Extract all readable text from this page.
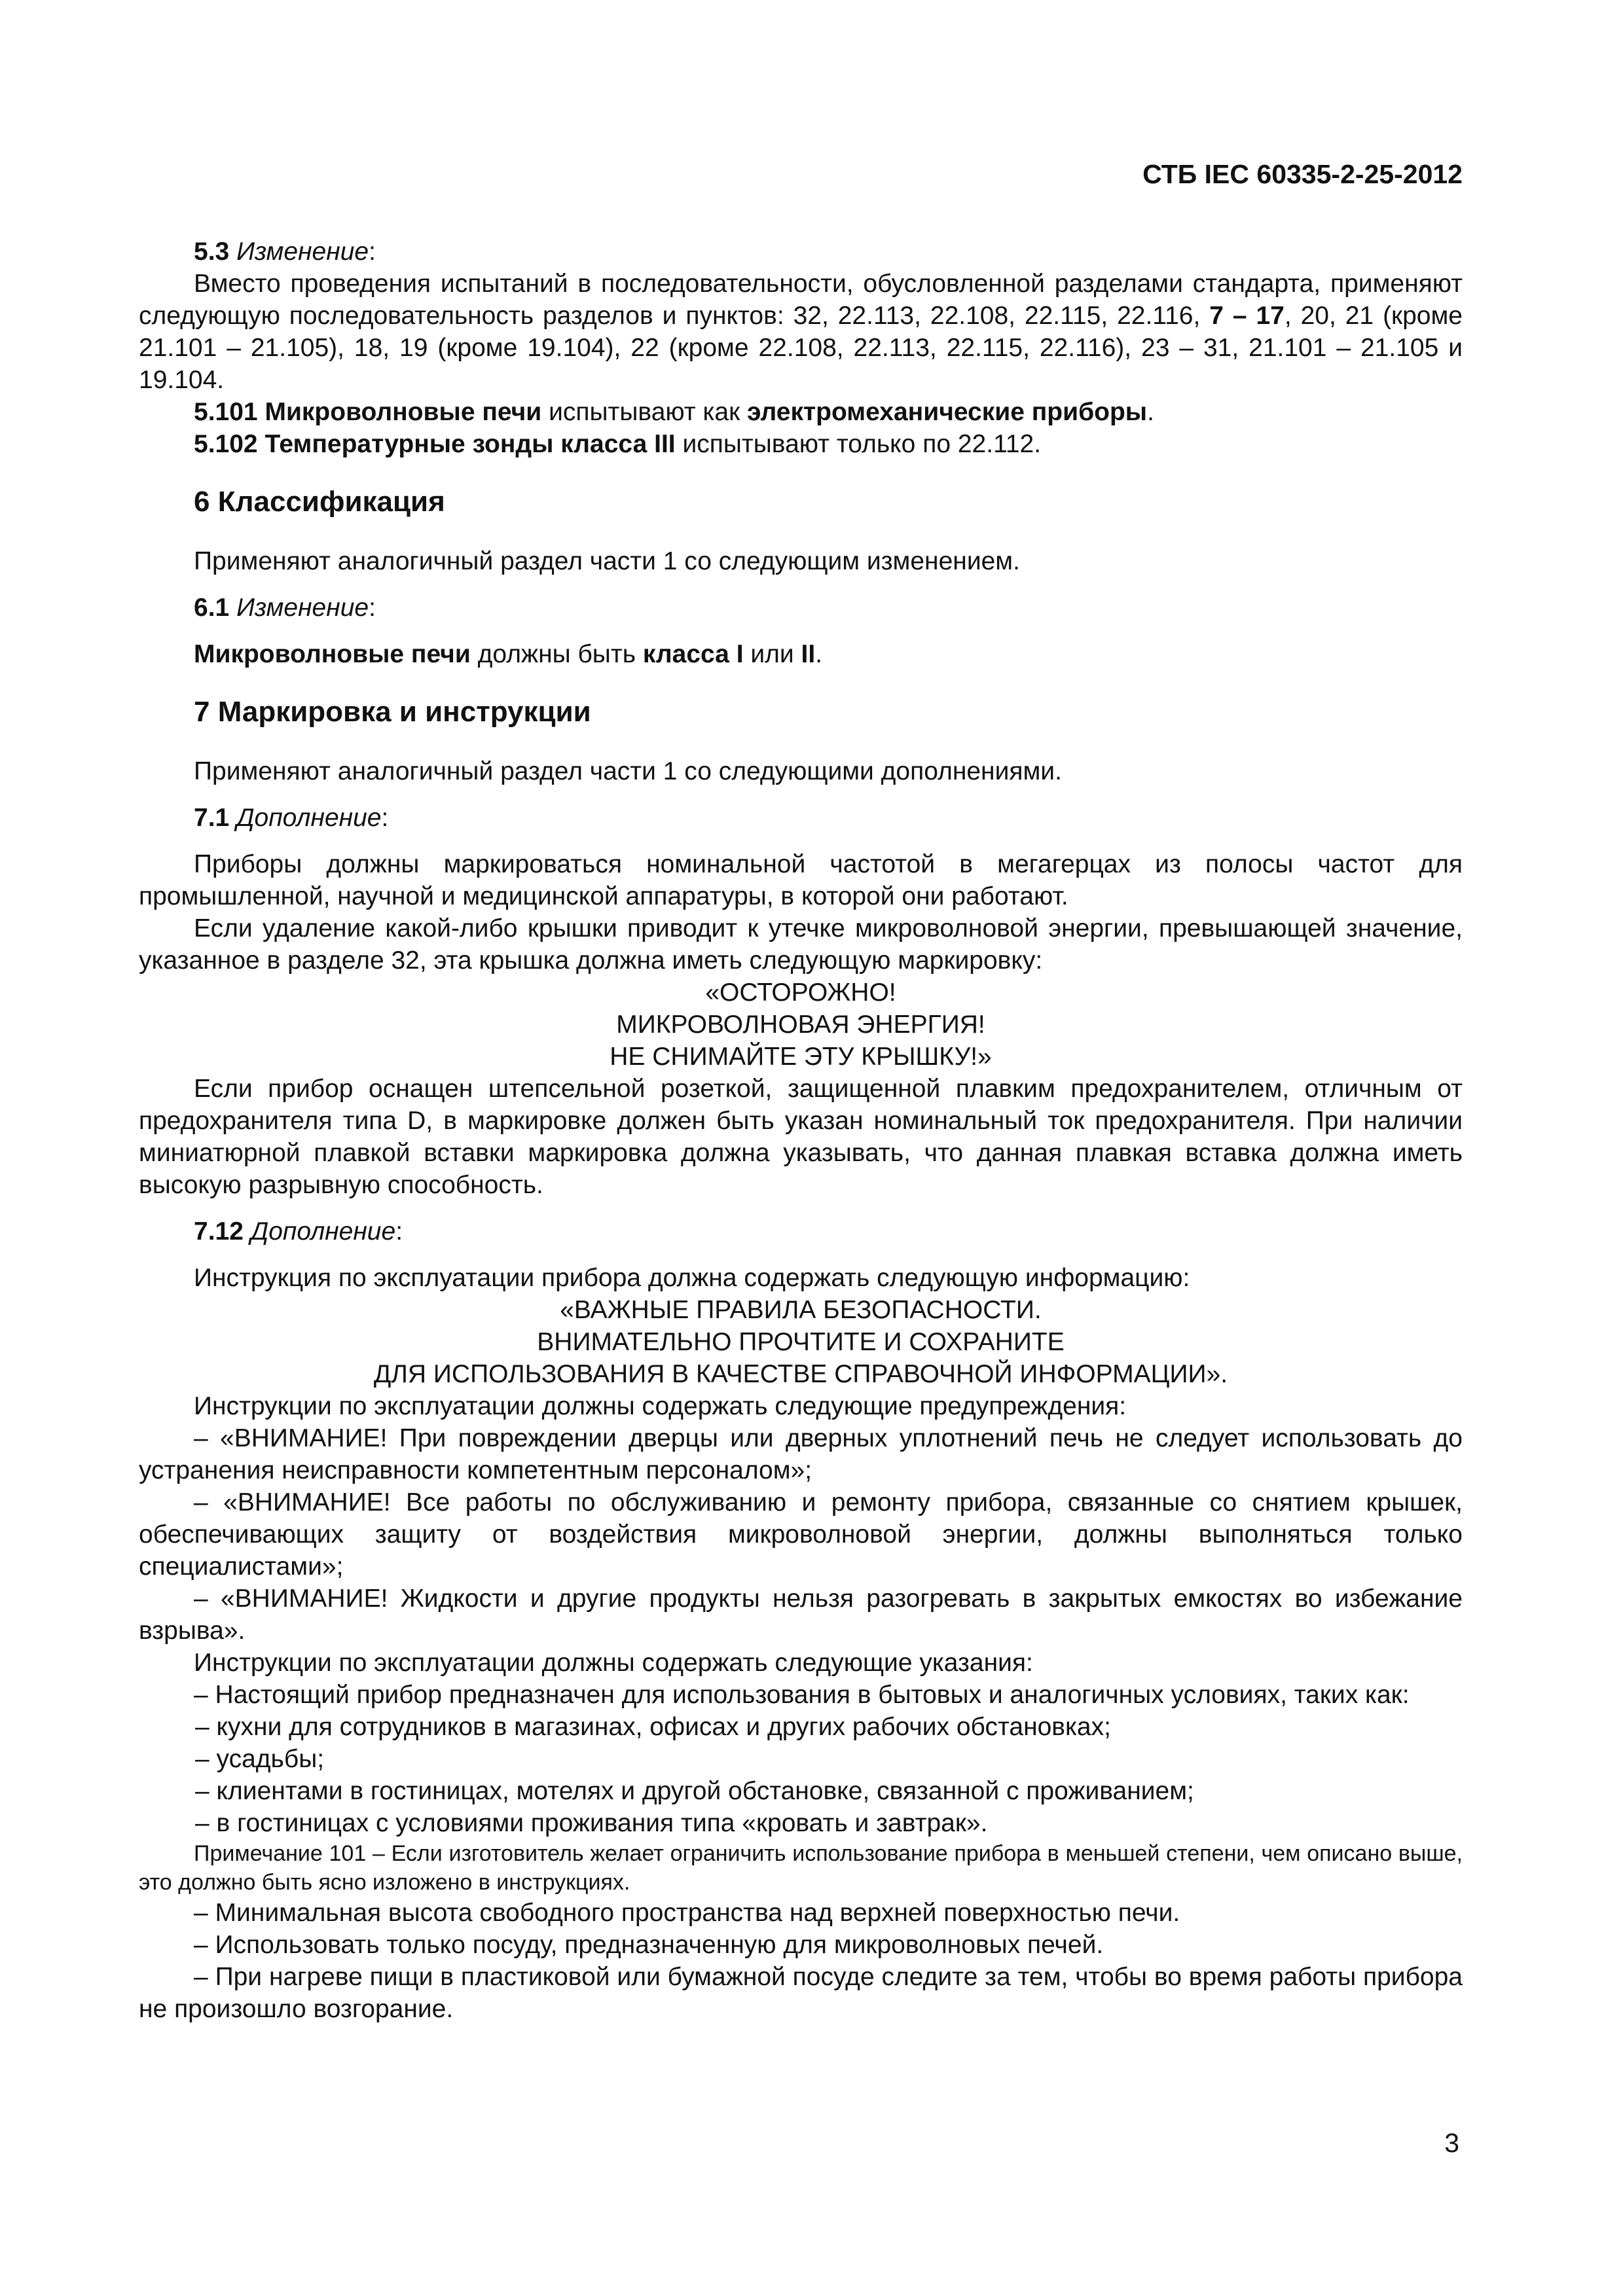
СТБ IEC 60335-2-25-2012

5.3 Изменение:

Вместо проведения испытаний в последовательности, обусловленной разделами стандарта, применяют следующую последовательность разделов и пунктов: 32, 22.113, 22.108, 22.115, 22.116, 7 – 17, 20, 21 (кроме 21.101 – 21.105), 18, 19 (кроме 19.104), 22 (кроме 22.108, 22.113, 22.115, 22.116), 23 – 31, 21.101 – 21.105 и 19.104.

5.101 Микроволновые печи испытывают как электромеханические приборы.

5.102 Температурные зонды класса III испытывают только по 22.112.

6 Классификация

Применяют аналогичный раздел части 1 со следующим изменением.

6.1 Изменение:

Микроволновые печи должны быть класса I или II.

7 Маркировка и инструкции

Применяют аналогичный раздел части 1 со следующими дополнениями.

7.1 Дополнение:

Приборы должны маркироваться номинальной частотой в мегагерцах из полосы частот для промышленной, научной и медицинской аппаратуры, в которой они работают.

Если удаление какой-либо крышки приводит к утечке микроволновой энергии, превышающей значение, указанное в разделе 32, эта крышка должна иметь следующую маркировку:

«ОСТОРОЖНО!

МИКРОВОЛНОВАЯ ЭНЕРГИЯ!

НЕ СНИМАЙТЕ ЭТУ КРЫШКУ!»

Если прибор оснащен штепсельной розеткой, защищенной плавким предохранителем, отличным от предохранителя типа D, в маркировке должен быть указан номинальный ток предохранителя. При наличии миниатюрной плавкой вставки маркировка должна указывать, что данная плавкая вставка должна иметь высокую разрывную способность.

7.12 Дополнение:

Инструкция по эксплуатации прибора должна содержать следующую информацию:

«ВАЖНЫЕ ПРАВИЛА БЕЗОПАСНОСТИ.

ВНИМАТЕЛЬНО ПРОЧТИТЕ И СОХРАНИТЕ

ДЛЯ ИСПОЛЬЗОВАНИЯ В КАЧЕСТВЕ СПРАВОЧНОЙ ИНФОРМАЦИИ».

Инструкции по эксплуатации должны содержать следующие предупреждения:

– «ВНИМАНИЕ! При повреждении дверцы или дверных уплотнений печь не следует использовать до устранения неисправности компетентным персоналом»;

– «ВНИМАНИЕ! Все работы по обслуживанию и ремонту прибора, связанные со снятием крышек, обеспечивающих защиту от воздействия микроволновой энергии, должны выполняться только специалистами»;

– «ВНИМАНИЕ! Жидкости и другие продукты нельзя разогревать в закрытых емкостях во избежание взрыва».

Инструкции по эксплуатации должны содержать следующие указания:

– Настоящий прибор предназначен для использования в бытовых и аналогичных условиях, таких как:

– кухни для сотрудников в магазинах, офисах и других рабочих обстановках;

– усадьбы;

– клиентами в гостиницах, мотелях и другой обстановке, связанной с проживанием;

– в гостиницах с условиями проживания типа «кровать и завтрак».

Примечание 101 – Если изготовитель желает ограничить использование прибора в меньшей степени, чем описано выше, это должно быть ясно изложено в инструкциях.

– Минимальная высота свободного пространства над верхней поверхностью печи.

– Использовать только посуду, предназначенную для микроволновых печей.

– При нагреве пищи в пластиковой или бумажной посуде следите за тем, чтобы во время работы прибора не произошло возгорание.

3
